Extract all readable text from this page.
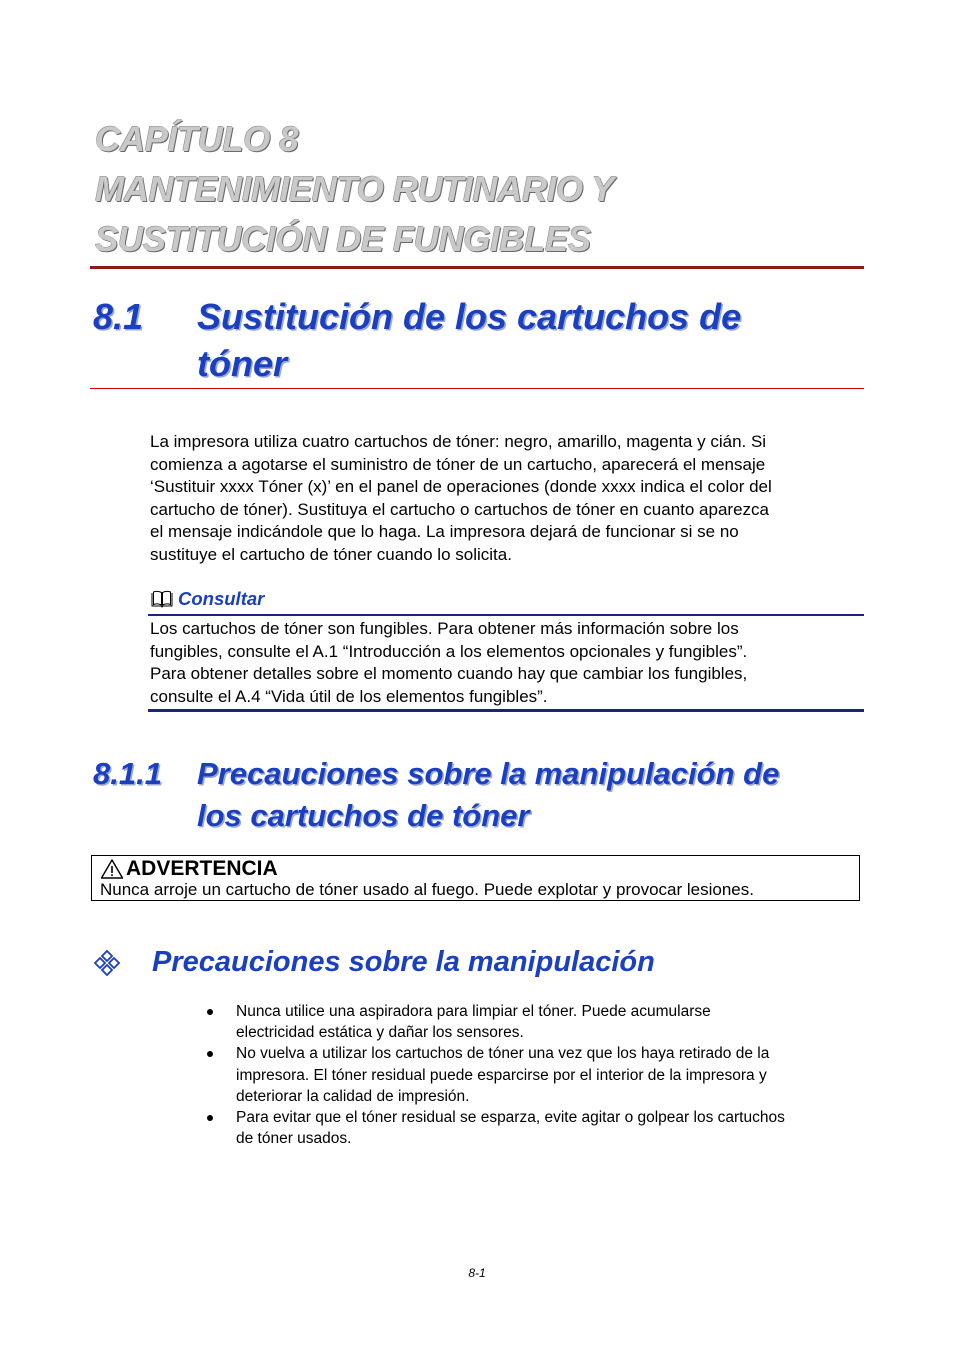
CAPÍTULO 8
MANTENIMIENTO RUTINARIO Y
SUSTITUCIÓN DE FUNGIBLES
8.1 Sustitución de los cartuchos de
tóner
La impresora utiliza cuatro cartuchos de tóner: negro, amarillo, magenta y cián. Si
comienza a agotarse el suministro de tóner de un cartucho, aparecerá el mensaje
‘Sustituir xxxx Tóner (x)’ en el panel de operaciones (donde xxxx indica el color del
cartucho de tóner). Sustituya el cartucho o cartuchos de tóner en cuanto aparezca
el mensaje indicándole que lo haga. La impresora dejará de funcionar si se no
sustituye el cartucho de tóner cuando lo solicita.
Consultar
Los cartuchos de tóner son fungibles. Para obtener más información sobre los
fungibles, consulte el A.1 “Introducción a los elementos opcionales y fungibles”.
Para obtener detalles sobre el momento cuando hay que cambiar los fungibles,
consulte el A.4 “Vida útil de los elementos fungibles”.
8.1.1 Precauciones sobre la manipulación de
los cartuchos de tóner
ADVERTENCIA
Nunca arroje un cartucho de tóner usado al fuego. Puede explotar y provocar lesiones.
Precauciones sobre la manipulación
Nunca utilice una aspiradora para limpiar el tóner. Puede acumularse
electricidad estática y dañar los sensores.
No vuelva a utilizar los cartuchos de tóner una vez que los haya retirado de la
impresora. El tóner residual puede esparcirse por el interior de la impresora y
deteriorar la calidad de impresión.
Para evitar que el tóner residual se esparza, evite agitar o golpear los cartuchos
de tóner usados.
8-1
